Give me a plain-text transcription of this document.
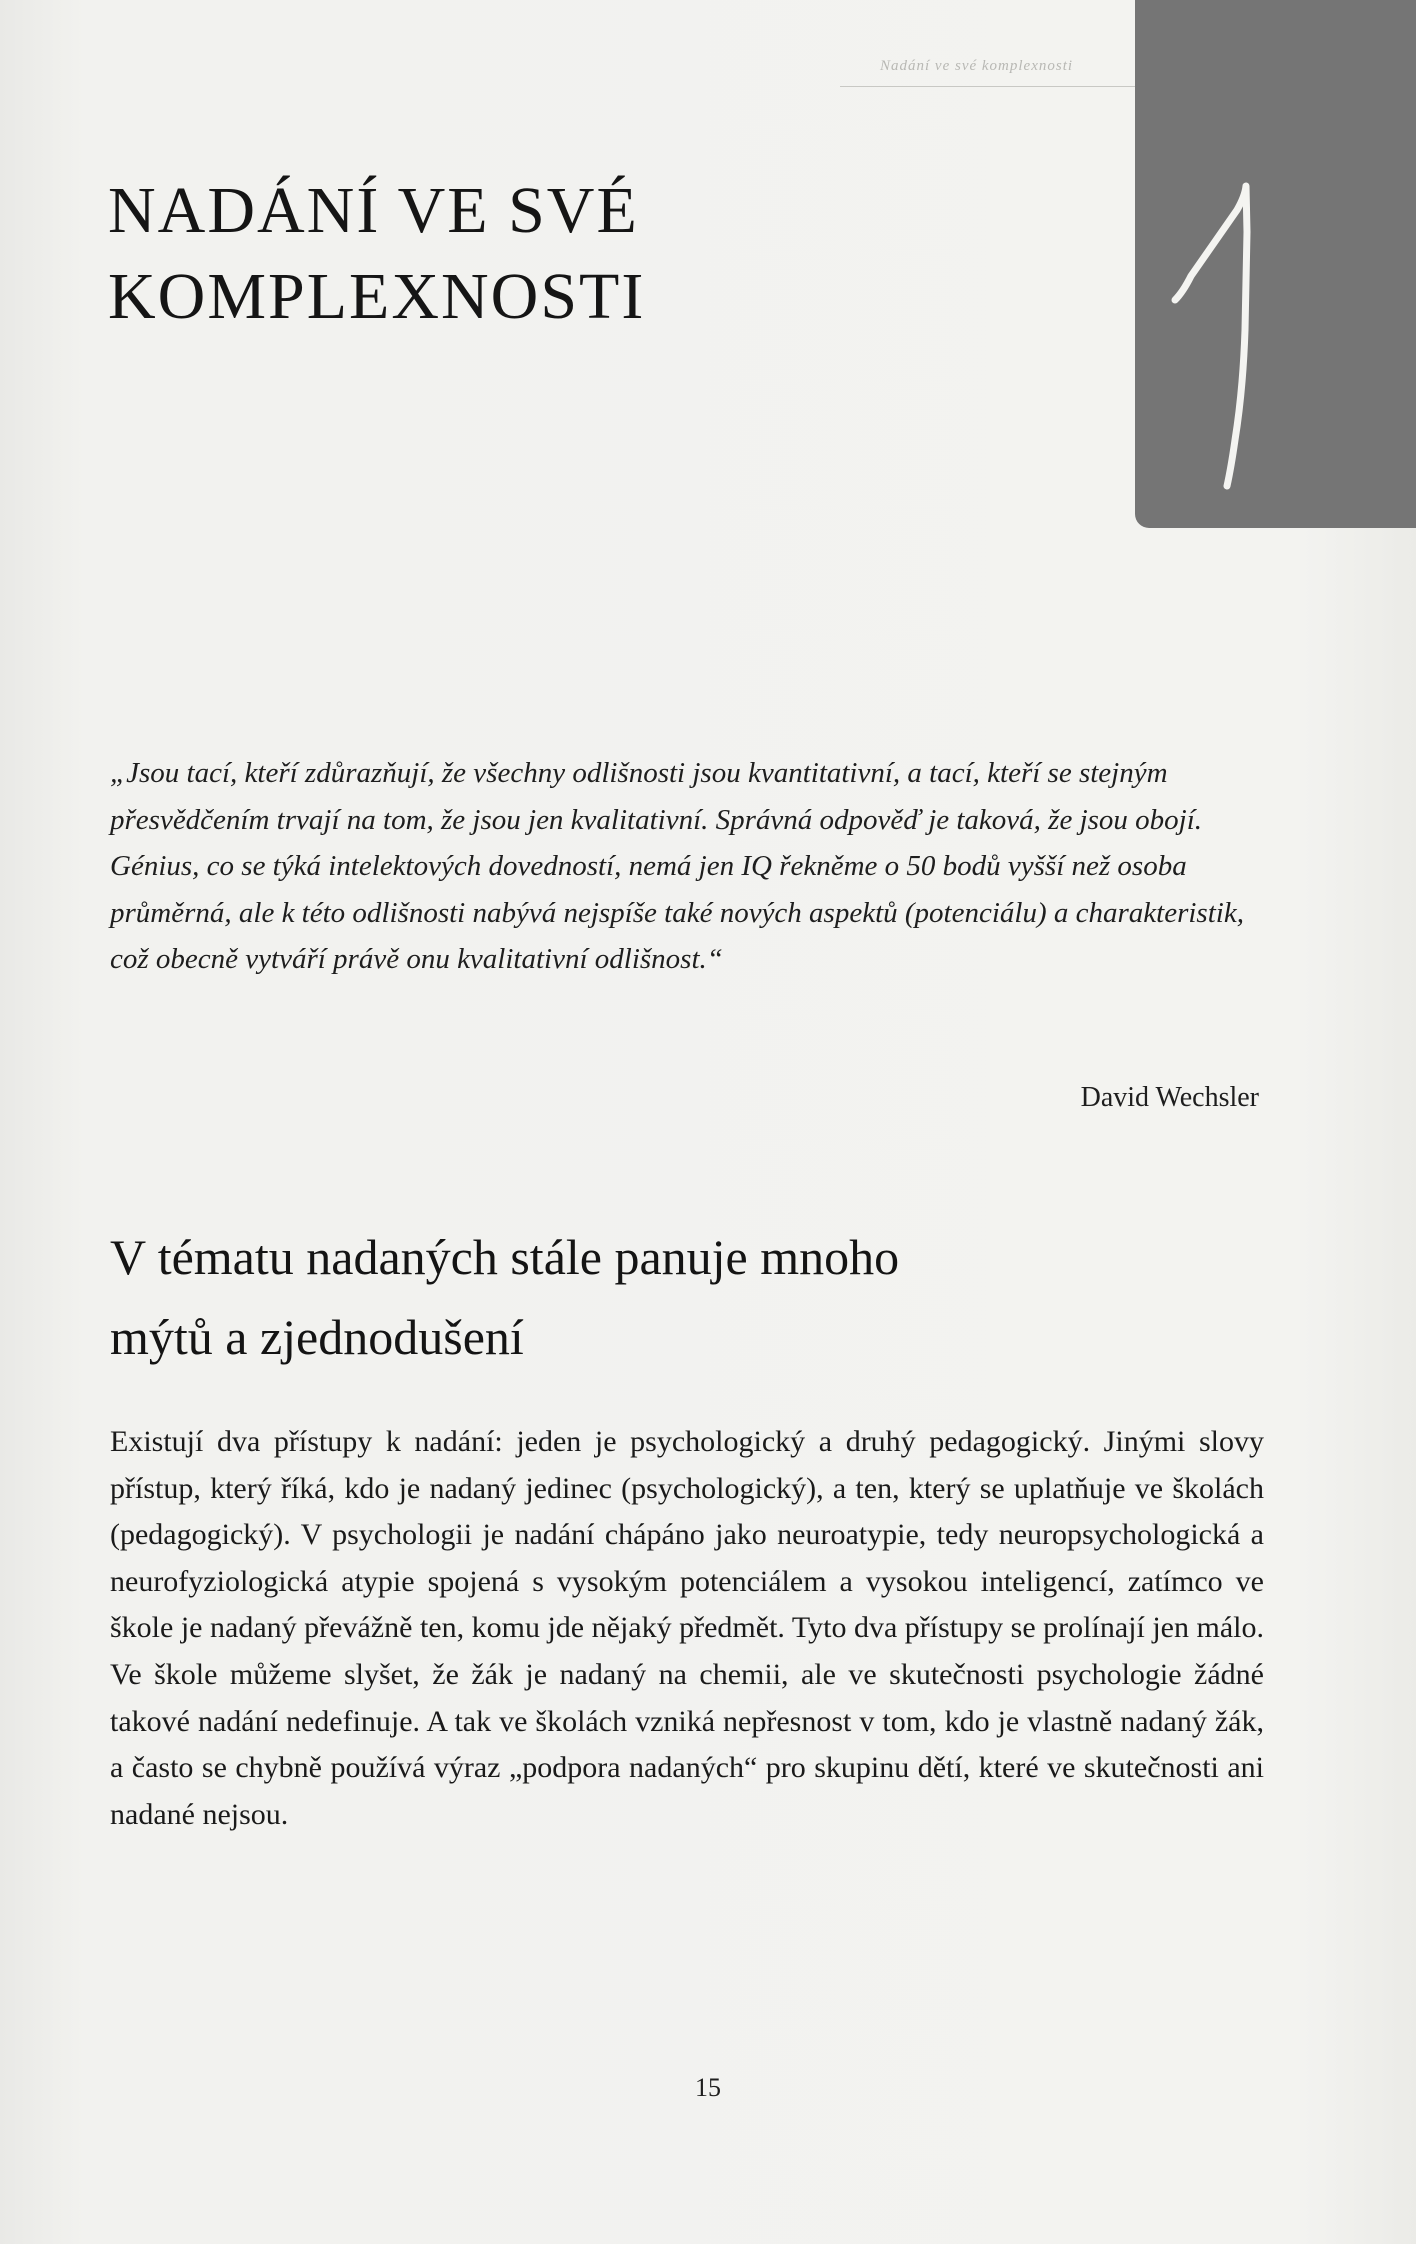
Nadání ve své komplexnosti
NADÁNÍ VE SVÉ KOMPLEXNOSTI

„Jsou tací, kteří zdůrazňují, že všechny odlišnosti jsou kvantitativní, a tací, kteří se stejným přesvědčením trvají na tom, že jsou jen kvalitativní. Správná odpověď je taková, že jsou obojí. Génius, co se týká intelektových dovedností, nemá jen IQ řekněme o 50 bodů vyšší než osoba průměrná, ale k této odlišnosti nabývá nejspíše také nových aspektů (potenciálu) a charakteristik, což obecně vytváří právě onu kvalitativní odlišnost.“

David Wechsler
V tématu nadaných stále panuje mnoho mýtů a zjednodušení

Existují dva přístupy k nadání: jeden je psychologický a druhý pedagogický. Jinými slovy přístup, který říká, kdo je nadaný jedinec (psychologický), a ten, který se uplatňuje ve školách (pedagogický). V psychologii je nadání chápáno jako neuroatypie, tedy neuropsychologická a neurofyziologická atypie spojená s vysokým potenciálem a vysokou inteligencí, zatímco ve škole je nadaný převážně ten, komu jde nějaký předmět. Tyto dva přístupy se prolínají jen málo. Ve škole můžeme slyšet, že žák je nadaný na chemii, ale ve skutečnosti psychologie žádné takové nadání nedefinuje. A tak ve školách vzniká nepřesnost v tom, kdo je vlastně nadaný žák, a často se chybně používá výraz „podpora nadaných“ pro skupinu dětí, které ve skutečnosti ani nadané nejsou.

15
